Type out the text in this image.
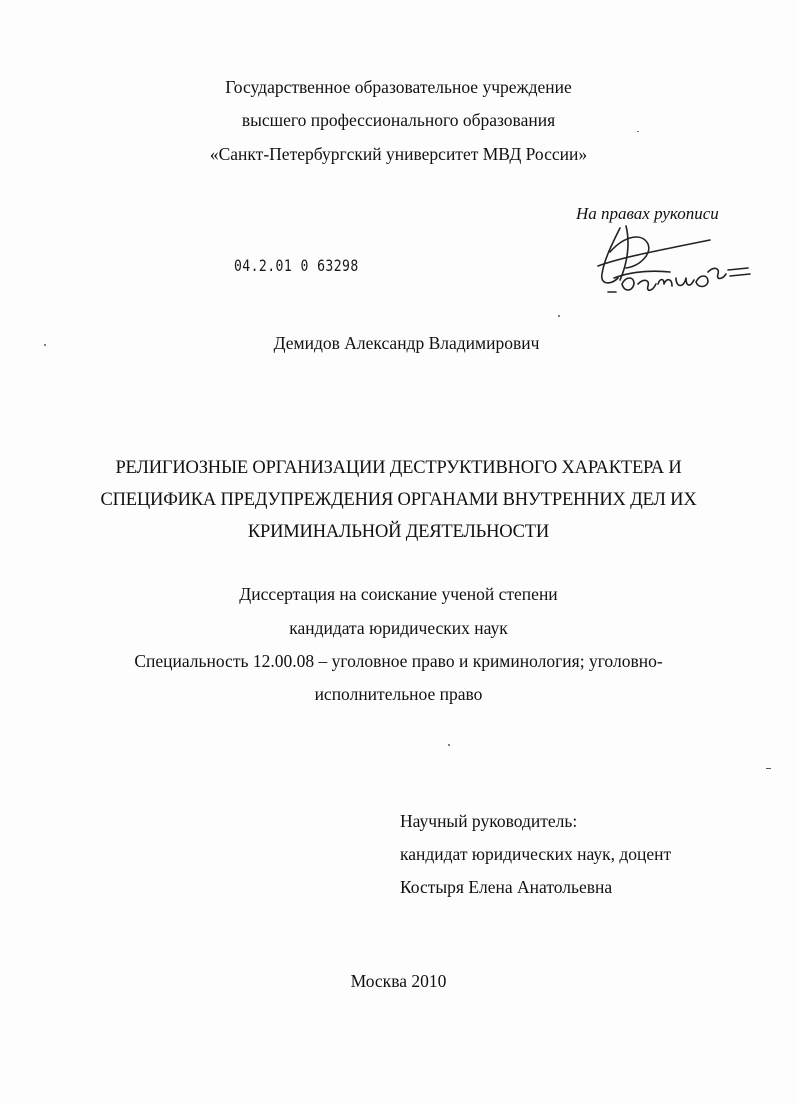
Государственное образовательное учреждение
высшего профессионального образования
«Санкт-Петербургский университет МВД России»
На правах рукописи
04.2.01 0 63298
Демидов Александр Владимирович
РЕЛИГИОЗНЫЕ ОРГАНИЗАЦИИ ДЕСТРУКТИВНОГО ХАРАКТЕРА И
СПЕЦИФИКА ПРЕДУПРЕЖДЕНИЯ ОРГАНАМИ ВНУТРЕННИХ ДЕЛ ИХ
КРИМИНАЛЬНОЙ ДЕЯТЕЛЬНОСТИ
Диссертация на соискание ученой степени
кандидата юридических наук
Специальность 12.00.08 – уголовное право и криминология; уголовно-
исполнительное право
Научный руководитель:
кандидат юридических наук, доцент
Костыря Елена Анатольевна
Москва 2010
